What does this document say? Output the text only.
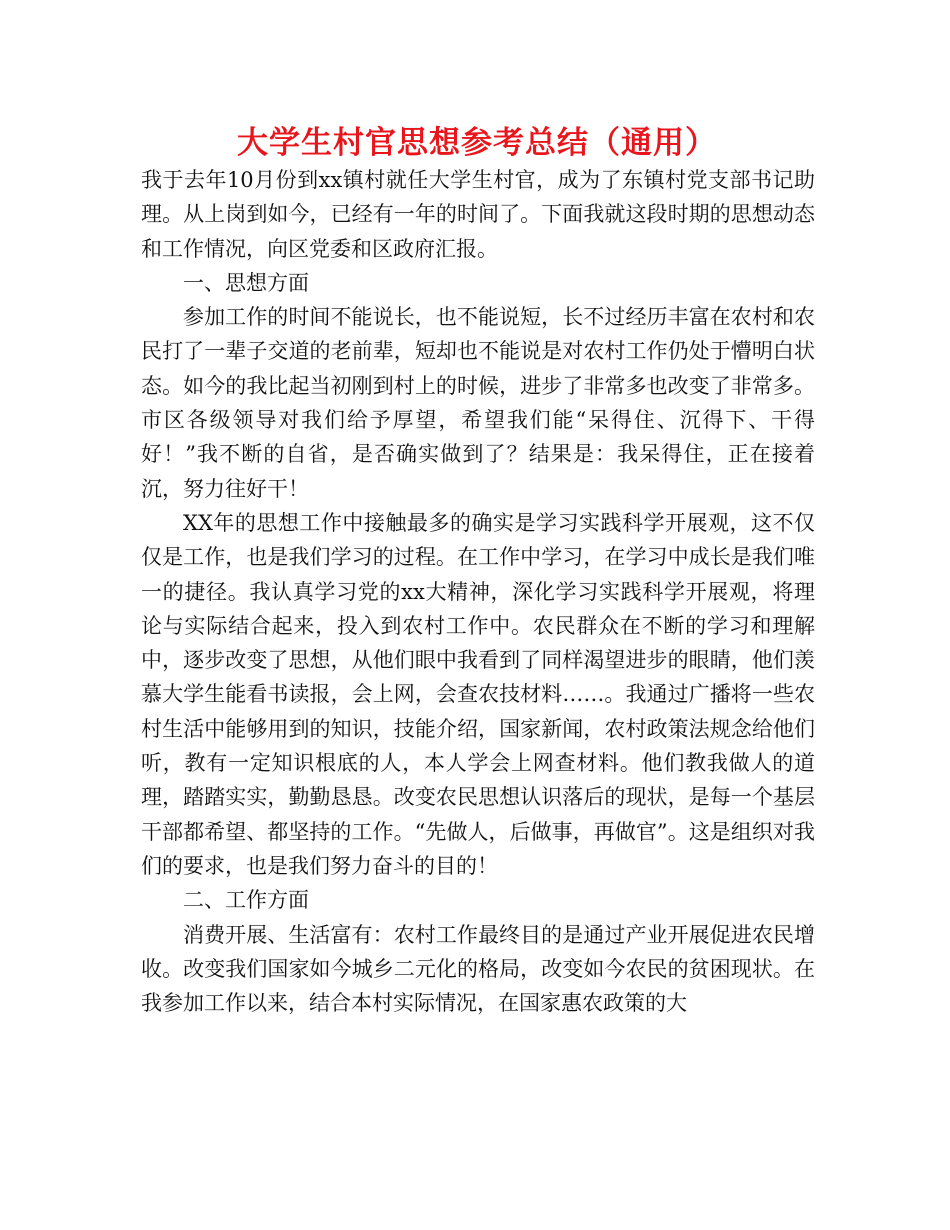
大学生村官思想参考总结（通用）

我于去年10月份到xx镇村就任大学生村官，成为了东镇村党支部书记助理。从上岗到如今，已经有一年的时间了。下面我就这段时期的思想动态和工作情况，向区党委和区政府汇报。

一、思想方面

参加工作的时间不能说长，也不能说短，长不过经历丰富在农村和农民打了一辈子交道的老前辈，短却也不能说是对农村工作仍处于懵明白状态。如今的我比起当初刚到村上的时候，进步了非常多也改变了非常多。市区各级领导对我们给予厚望，希望我们能“呆得住、沉得下、干得好！”我不断的自省，是否确实做到了？结果是：我呆得住，正在接着沉，努力往好干！

XX年的思想工作中接触最多的确实是学习实践科学开展观，这不仅仅是工作，也是我们学习的过程。在工作中学习，在学习中成长是我们唯一的捷径。我认真学习党的xx大精神，深化学习实践科学开展观，将理论与实际结合起来，投入到农村工作中。农民群众在不断的学习和理解中，逐步改变了思想，从他们眼中我看到了同样渴望进步的眼睛，他们羡慕大学生能看书读报，会上网，会查农技材料……。我通过广播将一些农村生活中能够用到的知识，技能介绍，国家新闻，农村政策法规念给他们听，教有一定知识根底的人，本人学会上网查材料。他们教我做人的道理，踏踏实实，勤勤恳恳。改变农民思想认识落后的现状，是每一个基层干部都希望、都坚持的工作。“先做人，后做事，再做官”。这是组织对我们的要求，也是我们努力奋斗的目的！

二、工作方面

消费开展、生活富有：农村工作最终目的是通过产业开展促进农民增收。改变我们国家如今城乡二元化的格局，改变如今农民的贫困现状。在我参加工作以来，结合本村实际情况，在国家惠农政策的大
